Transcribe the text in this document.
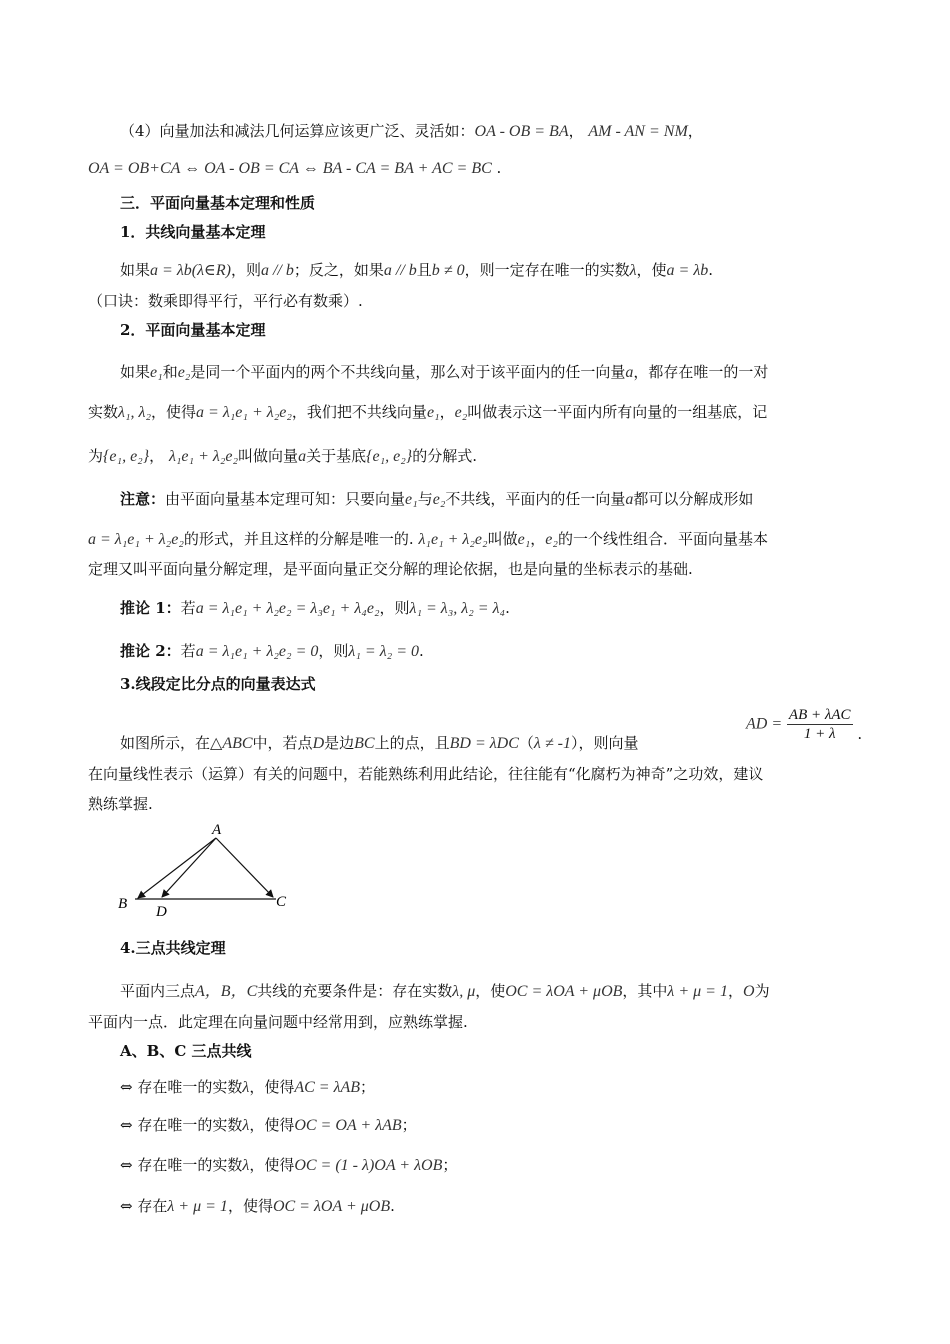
（4）向量加法和减法几何运算应该更广泛、灵活如：OA - OB = BA， AM - AN = NM，
OA = OB+CA ⇔ OA - OB = CA ⇔ BA - CA = BA + AC = BC .
三．平面向量基本定理和性质
1．共线向量基本定理
如果a = λb(λ∈R)，则a // b；反之，如果a // b且b ≠ 0，则一定存在唯一的实数λ，使a = λb.
（口诀：数乘即得平行，平行必有数乘）.
2．平面向量基本定理
如果e₁和e₂是同一个平面内的两个不共线向量，那么对于该平面内的任一向量a，都存在唯一的一对
实数λ₁, λ₂，使得a = λ₁e₁ + λ₂e₂，我们把不共线向量e₁，e₂叫做表示这一平面内所有向量的一组基底，记
为{e₁, e₂}， λ₁e₁ + λ₂e₂叫做向量a关于基底{e₁, e₂}的分解式.
注意：由平面向量基本定理可知：只要向量e₁与e₂不共线，平面内的任一向量a都可以分解成形如
a = λ₁e₁ + λ₂e₂的形式，并且这样的分解是唯一的. λ₁e₁ + λ₂e₂叫做e₁，e₂的一个线性组合．平面向量基本
定理又叫平面向量分解定理，是平面向量正交分解的理论依据，也是向量的坐标表示的基础.
推论 1：若a = λ₁e₁ + λ₂e₂ = λ₃e₁ + λ₄e₂，则λ₁ = λ₃, λ₂ = λ₄.
推论 2：若a = λ₁e₁ + λ₂e₂ = 0，则λ₁ = λ₂ = 0.
3.线段定比分点的向量表达式
如图所示，在△ABC中，若点D是边BC上的点，且BD = λDC（λ ≠ -1），则向量
AD = $\frac{\text{AB + λAC}}{1 + \lambda}$ .
在向量线性表示（运算）有关的问题中，若能熟练利用此结论，往往能有“化腐朽为神奇”之功效，建议
熟练掌握.
A
B	C
D
4.三点共线定理
平面内三点A，B，C共线的充要条件是：存在实数λ, μ，使OC = λOA + μOB，其中λ + μ = 1，O为
平面内一点．此定理在向量问题中经常用到，应熟练掌握.
A、B、C 三点共线
⇔ 存在唯一的实数λ，使得AC = λAB；
⇔ 存在唯一的实数λ，使得OC = OA + λAB；
⇔ 存在唯一的实数λ，使得OC = (1 - λ)OA + λOB；
⇔ 存在λ + μ = 1，使得OC = λOA + μOB.
